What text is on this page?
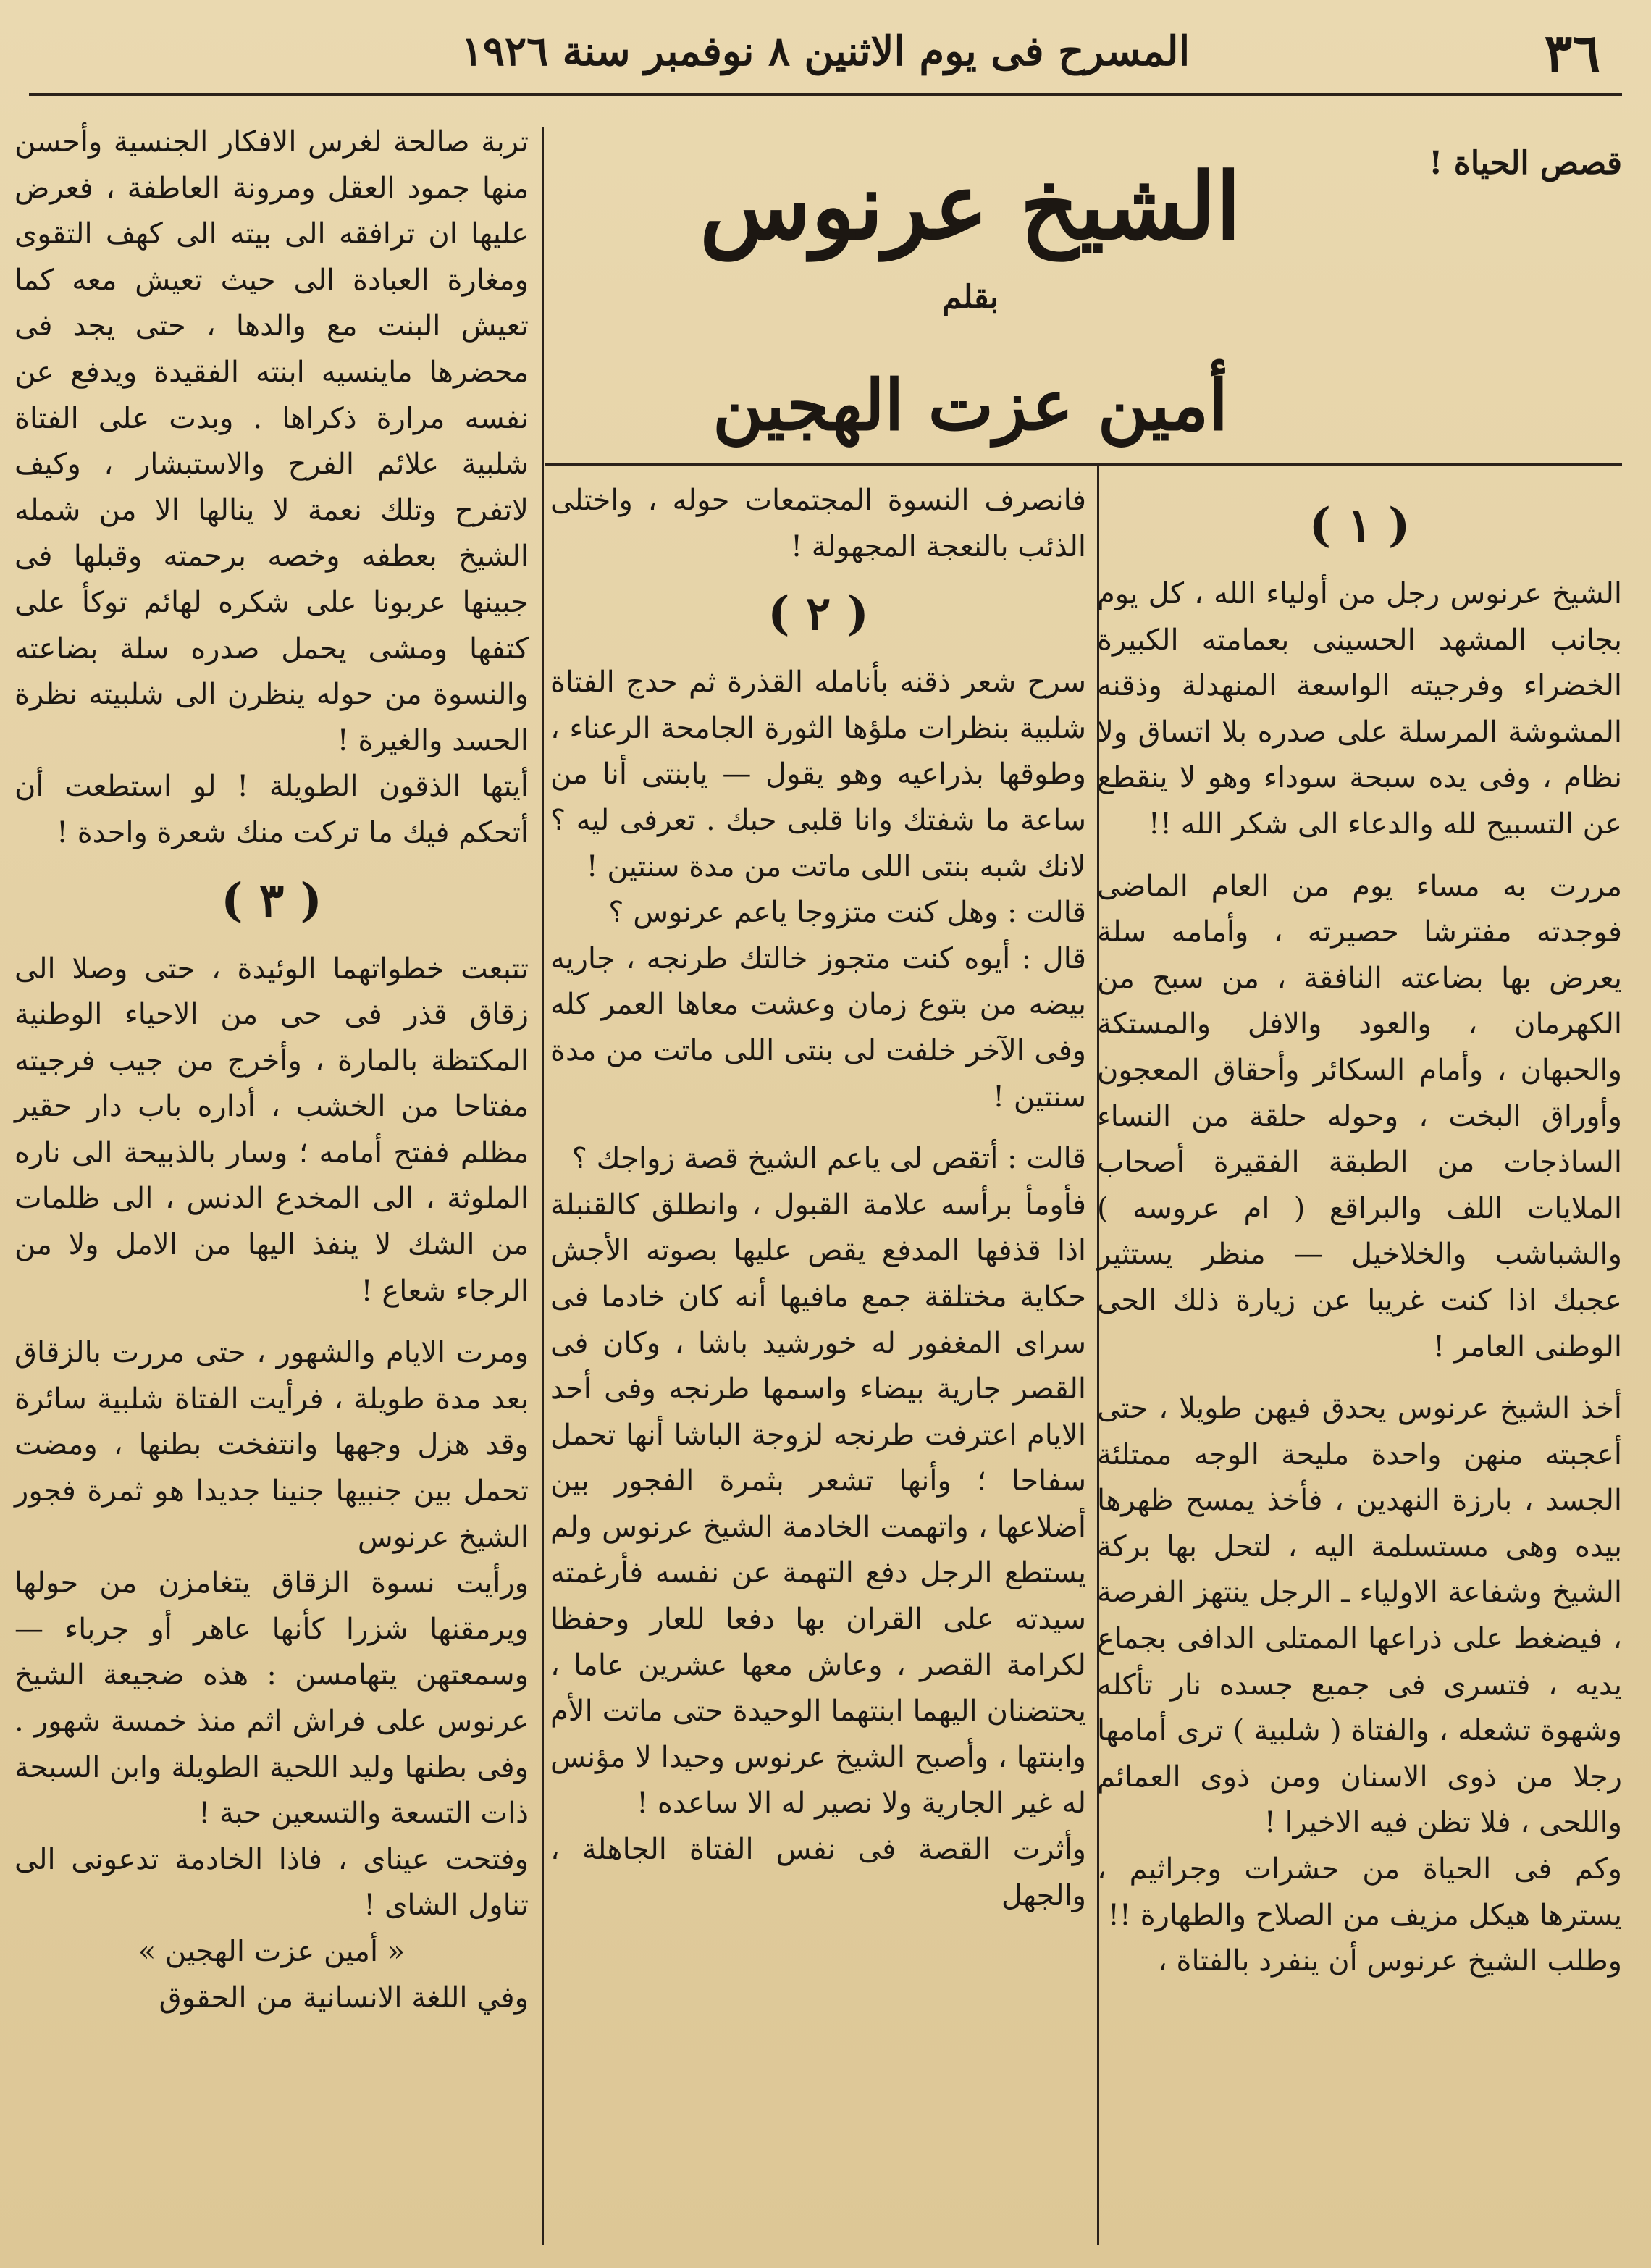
٣٦
المسرح فى يوم الاثنين ٨ نوفمبر سنة ١٩٢٦
قصص الحياة !
الشيخ عرنوس
بقلم
أمين عزت الهجين
( ١ )

الشيخ عرنوس رجل من أولياء الله ، كل يوم بجانب المشهد الحسينى بعمامته الكبيرة الخضراء وفرجيته الواسعة المنهدلة وذقنه المشوشة المرسلة على صدره بلا اتساق ولا نظام ، وفى يده سبحة سوداء وهو لا ينقطع عن التسبيح لله والدعاء الى شكر الله !!

مررت به مساء يوم من العام الماضى فوجدته مفترشا حصيرته ، وأمامه سلة يعرض بها بضاعته النافقة ، من سبح من الكهرمان ، والعود والافل والمستكة والحبهان ، وأمام السكائر وأحقاق المعجون وأوراق البخت ، وحوله حلقة من النساء الساذجات من الطبقة الفقيرة أصحاب الملايات اللف والبراقع ( ام عروسه ) والشباشب والخلاخيل — منظر يستثير عجبك اذا كنت غريبا عن زيارة ذلك الحى الوطنى العامر !

أخذ الشيخ عرنوس يحدق فيهن طويلا ، حتى أعجبته منهن واحدة مليحة الوجه ممتلئة الجسد ، بارزة النهدين ، فأخذ يمسح ظهرها بيده وهى مستسلمة اليه ، لتحل بها بركة الشيخ وشفاعة الاولياء ـ الرجل ينتهز الفرصة ، فيضغط على ذراعها الممتلى الدافى بجماع يديه ، فتسرى فى جميع جسده نار تأكله وشهوة تشعله ، والفتاة ( شلبية ) ترى أمامها رجلا من ذوى الاسنان ومن ذوى العمائم واللحى ، فلا تظن فيه الاخيرا !

وكم فى الحياة من حشرات وجراثيم ، يسترها هيكل مزيف من الصلاح والطهارة !!

وطلب الشيخ عرنوس أن ينفرد بالفتاة ،

فانصرف النسوة المجتمعات حوله ، واختلى الذئب بالنعجة المجهولة !

( ٢ )

سرح شعر ذقنه بأنامله القذرة ثم حدج الفتاة شلبية بنظرات ملؤها الثورة الجامحة الرعناء ، وطوقها بذراعيه وهو يقول — يابنتى أنا من ساعة ما شفتك وانا قلبى حبك . تعرفى ليه ؟ لانك شبه بنتى اللى ماتت من مدة سنتين !

قالت : وهل كنت متزوجا ياعم عرنوس ؟

قال : أيوه كنت متجوز خالتك طرنجه ، جاريه بيضه من بتوع زمان وعشت معاها العمر كله وفى الآخر خلفت لى بنتى اللى ماتت من مدة سنتين !

قالت : أتقص لى ياعم الشيخ قصة زواجك ؟

فأومأ برأسه علامة القبول ، وانطلق كالقنبلة اذا قذفها المدفع يقص عليها بصوته الأجش حكاية مختلقة جمع مافيها أنه كان خادما فى سراى المغفور له خورشيد باشا ، وكان فى القصر جارية بيضاء واسمها طرنجه وفى أحد الايام اعترفت طرنجه لزوجة الباشا أنها تحمل سفاحا ؛ وأنها تشعر بثمرة الفجور بين أضلاعها ، واتهمت الخادمة الشيخ عرنوس ولم يستطع الرجل دفع التهمة عن نفسه فأرغمته سيدته على القران بها دفعا للعار وحفظا لكرامة القصر ، وعاش معها عشرين عاما ، يحتضنان اليهما ابنتهما الوحيدة حتى ماتت الأم وابنتها ، وأصبح الشيخ عرنوس وحيدا لا مؤنس له غير الجارية ولا نصير له الا ساعده !

وأثرت القصة فى نفس الفتاة الجاهلة ، والجهل

تربة صالحة لغرس الافكار الجنسية وأحسن منها جمود العقل ومرونة العاطفة ، فعرض عليها ان ترافقه الى بيته الى كهف التقوى ومغارة العبادة الى حيث تعيش معه كما تعيش البنت مع والدها ، حتى يجد فى محضرها ماينسيه ابنته الفقيدة ويدفع عن نفسه مرارة ذكراها . وبدت على الفتاة شلبية علائم الفرح والاستبشار ، وكيف لاتفرح وتلك نعمة لا ينالها الا من شمله الشيخ بعطفه وخصه برحمته وقبلها فى جبينها عربونا على شكره لهائم توكأ على كتفها ومشى يحمل صدره سلة بضاعته والنسوة من حوله ينظرن الى شلبيته نظرة الحسد والغيرة !

أيتها الذقون الطويلة ! لو استطعت أن أتحكم فيك ما تركت منك شعرة واحدة !

( ٣ )

تتبعت خطواتهما الوئيدة ، حتى وصلا الى زقاق قذر فى حى من الاحياء الوطنية المكتظة بالمارة ، وأخرج من جيب فرجيته مفتاحا من الخشب ، أداره باب دار حقير مظلم ففتح أمامه ؛ وسار بالذبيحة الى ناره الملوثة ، الى المخدع الدنس ، الى ظلمات من الشك لا ينفذ اليها من الامل ولا من الرجاء شعاع !

ومرت الايام والشهور ، حتى مررت بالزقاق بعد مدة طويلة ، فرأيت الفتاة شلبية سائرة وقد هزل وجهها وانتفخت بطنها ، ومضت تحمل بين جنبيها جنينا جديدا هو ثمرة فجور الشيخ عرنوس

ورأيت نسوة الزقاق يتغامزن من حولها ويرمقنها شزرا كأنها عاهر أو جرباء — وسمعتهن يتهامسن : هذه ضجيعة الشيخ عرنوس على فراش اثم منذ خمسة شهور . وفى بطنها وليد اللحية الطويلة وابن السبحة ذات التسعة والتسعين حبة !

وفتحت عيناى ، فاذا الخادمة تدعونى الى تناول الشاى !

« أمين عزت الهجين »

وفي اللغة الانسانية من الحقوق
